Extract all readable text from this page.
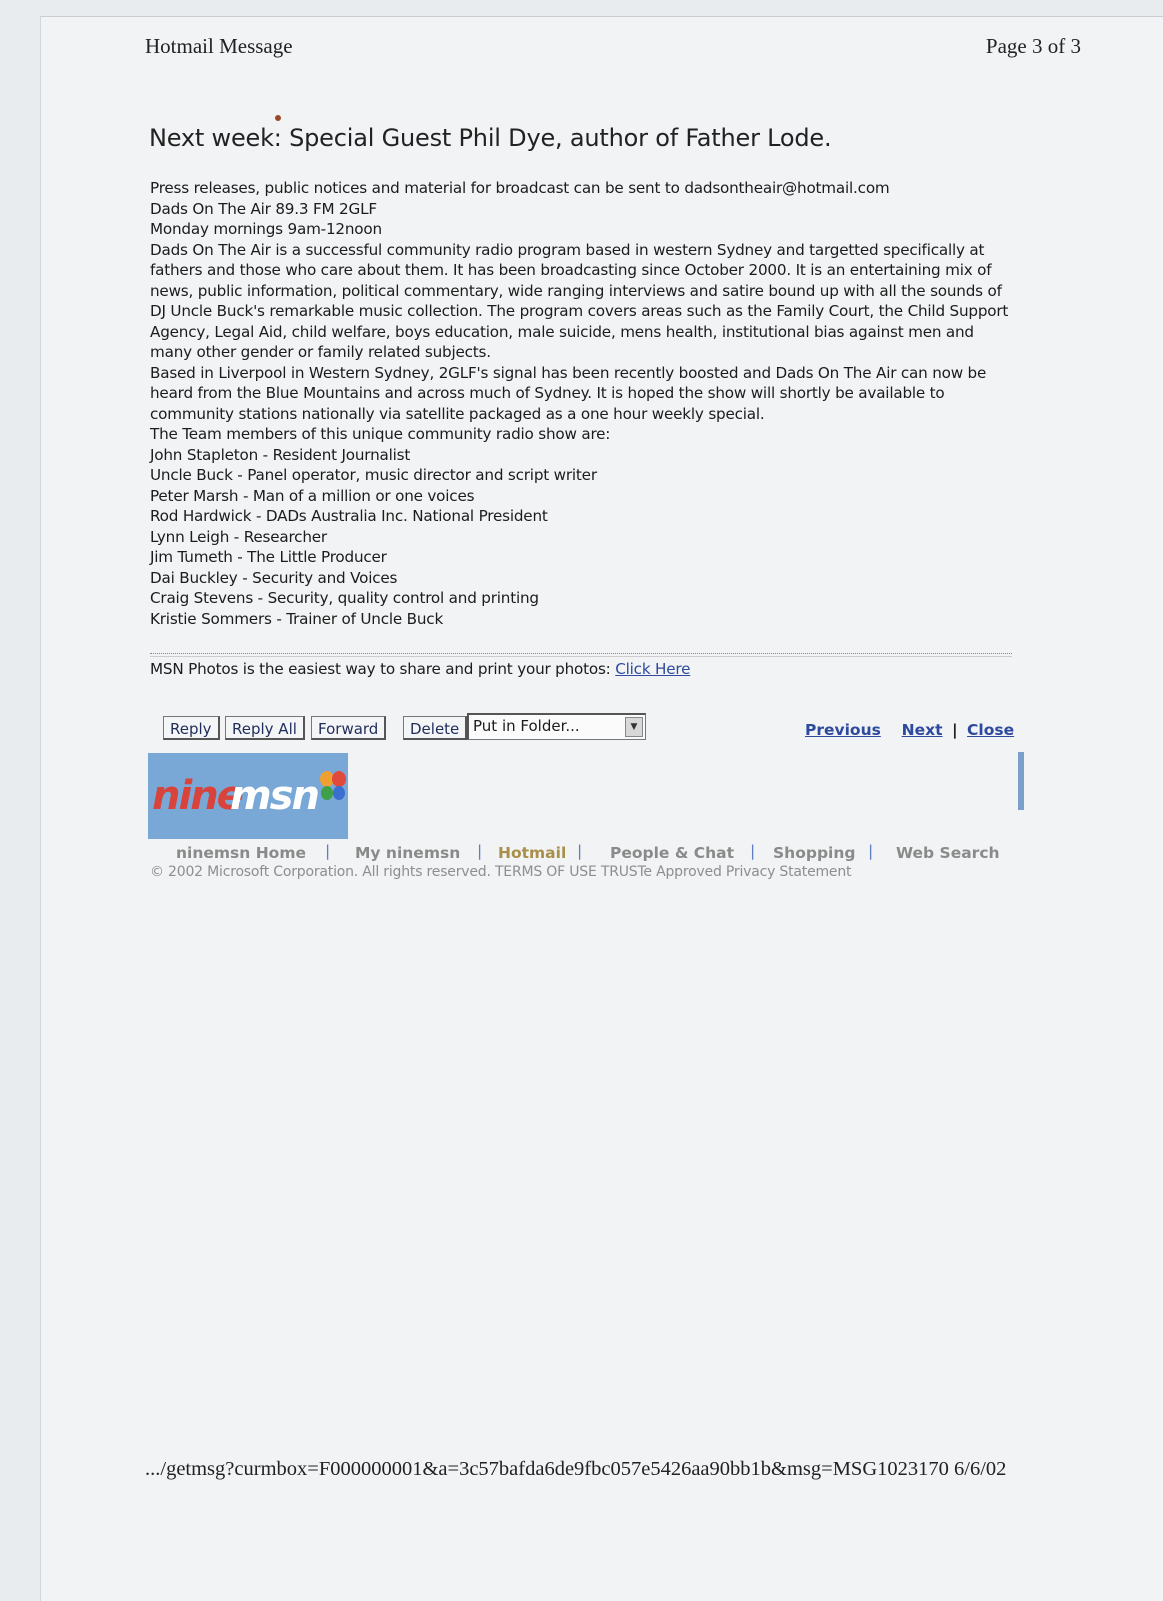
Hotmail Message	Page 3 of 3
Next week: Special Guest Phil Dye, author of Father Lode.

Press releases, public notices and material for broadcast can be sent to dadsontheair@hotmail.com

Dads On The Air 89.3 FM 2GLF

Monday mornings 9am-12noon

Dads On The Air is a successful community radio program based in western Sydney and targetted specifically at fathers and those who care about them. It has been broadcasting since October 2000. It is an entertaining mix of news, public information, political commentary, wide ranging interviews and satire bound up with all the sounds of DJ Uncle Buck's remarkable music collection. The program covers areas such as the Family Court, the Child Support Agency, Legal Aid, child welfare, boys education, male suicide, mens health, institutional bias against men and many other gender or family related subjects.

Based in Liverpool in Western Sydney, 2GLF's signal has been recently boosted and Dads On The Air can now be heard from the Blue Mountains and across much of Sydney. It is hoped the show will shortly be available to community stations nationally via satellite packaged as a one hour weekly special.

The Team members of this unique community radio show are:

John Stapleton - Resident Journalist

Uncle Buck - Panel operator, music director and script writer

Peter Marsh - Man of a million or one voices

Rod Hardwick - DADs Australia Inc. National President

Lynn Leigh - Researcher

Jim Tumeth - The Little Producer

Dai Buckley - Security and Voices

Craig Stevens - Security, quality control and printing

Kristie Sommers - Trainer of Uncle Buck

MSN Photos is the easiest way to share and print your photos: Click Here
Reply	Reply All	Forward	Delete Put in Folder...	▼	Previous Next | Close
nine
msn
ninemsn Home | My ninemsn | Hotmail | People & Chat | Shopping | Web Search
© 2002 Microsoft Corporation. All rights reserved. TERMS OF USE TRUSTe Approved Privacy Statement
.../getmsg?curmbox=F000000001&a=3c57bafda6de9fbc057e5426aa90bb1b&msg=MSG1023170 6/6/02
